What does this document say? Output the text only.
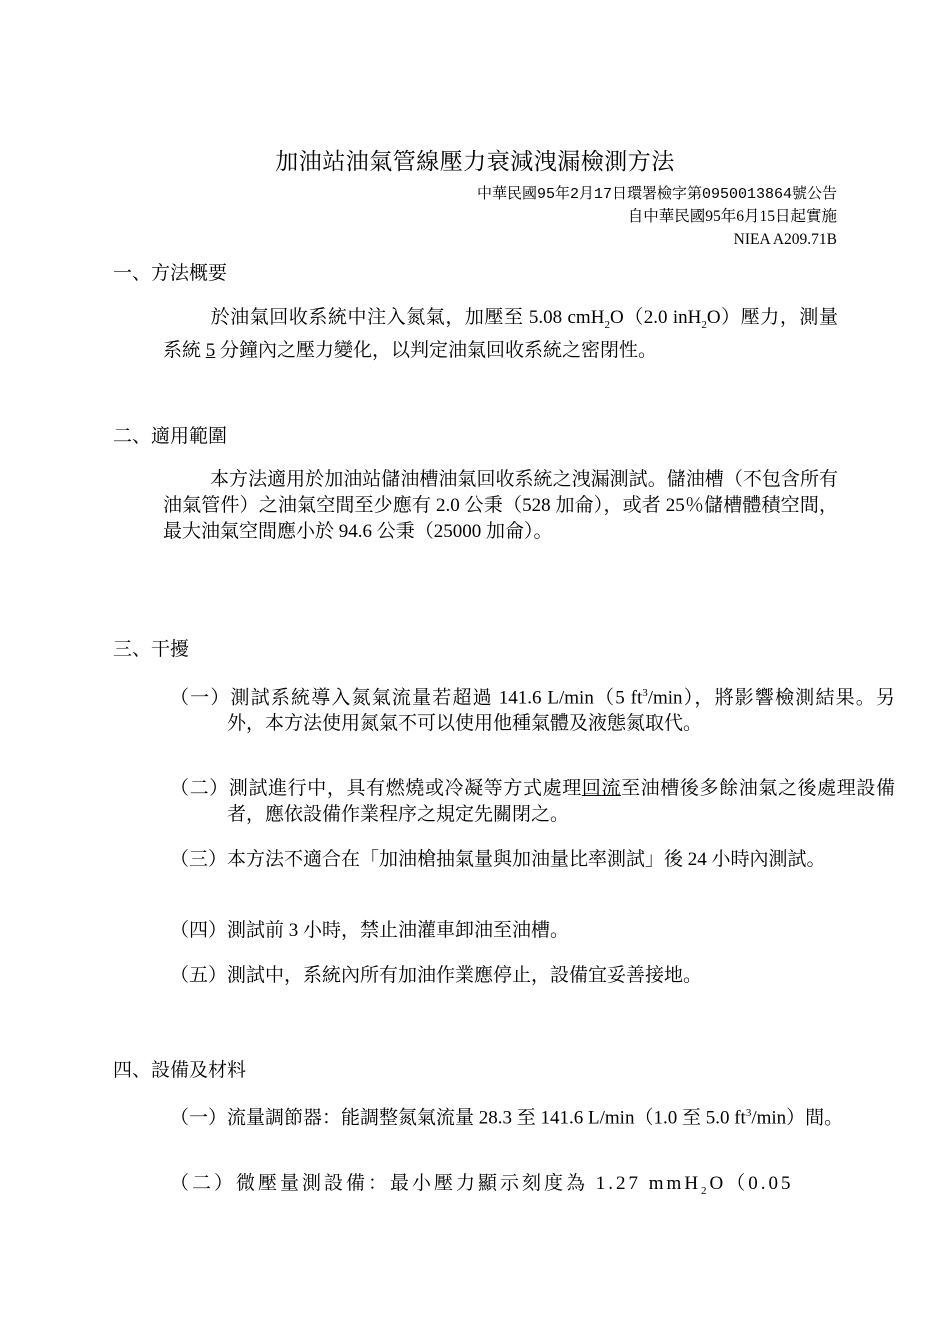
加油站油氣管線壓力衰減洩漏檢測方法
中華民國95年2月17日環署檢字第0950013864號公告
自中華民國95年6月15日起實施
NIEA A209.71B
一、方法概要
於油氣回收系統中注入氮氣，加壓至 5.08 cmH$_2$O（2.0 inH$_2$O）壓力，測量系統 5 分鐘內之壓力變化，以判定油氣回收系統之密閉性。
二、適用範圍
本方法適用於加油站儲油槽油氣回收系統之洩漏測試。儲油槽（不包含所有油氣管件）之油氣空間至少應有 2.0 公秉（528 加侖），或者 25％儲槽體積空間，最大油氣空間應小於 94.6 公秉（25000 加侖）。
三、干擾
（一）測試系統導入氮氣流量若超過 141.6 L/min（5 $ft^3/\min$），將影響檢測結果。另外，本方法使用氮氣不可以使用他種氣體及液態氮取代。
（二）測試進行中，具有燃燒或冷凝等方式處理回流至油槽後多餘油氣之後處理設備者，應依設備作業程序之規定先關閉之。
（三）本方法不適合在「加油槍抽氣量與加油量比率測試」後 24 小時內測試。
（四）測試前 3 小時，禁止油灌車卸油至油槽。
（五）測試中，系統內所有加油作業應停止，設備宜妥善接地。
四、設備及材料
（一）流量調節器：能調整氮氣流量 28.3 至 141.6 L/min（1.0 至 5.0 $ft^3/\min$）間。
（二）微壓量測設備：最小壓力顯示刻度為 1.27 mmH$_2$O（0.05
